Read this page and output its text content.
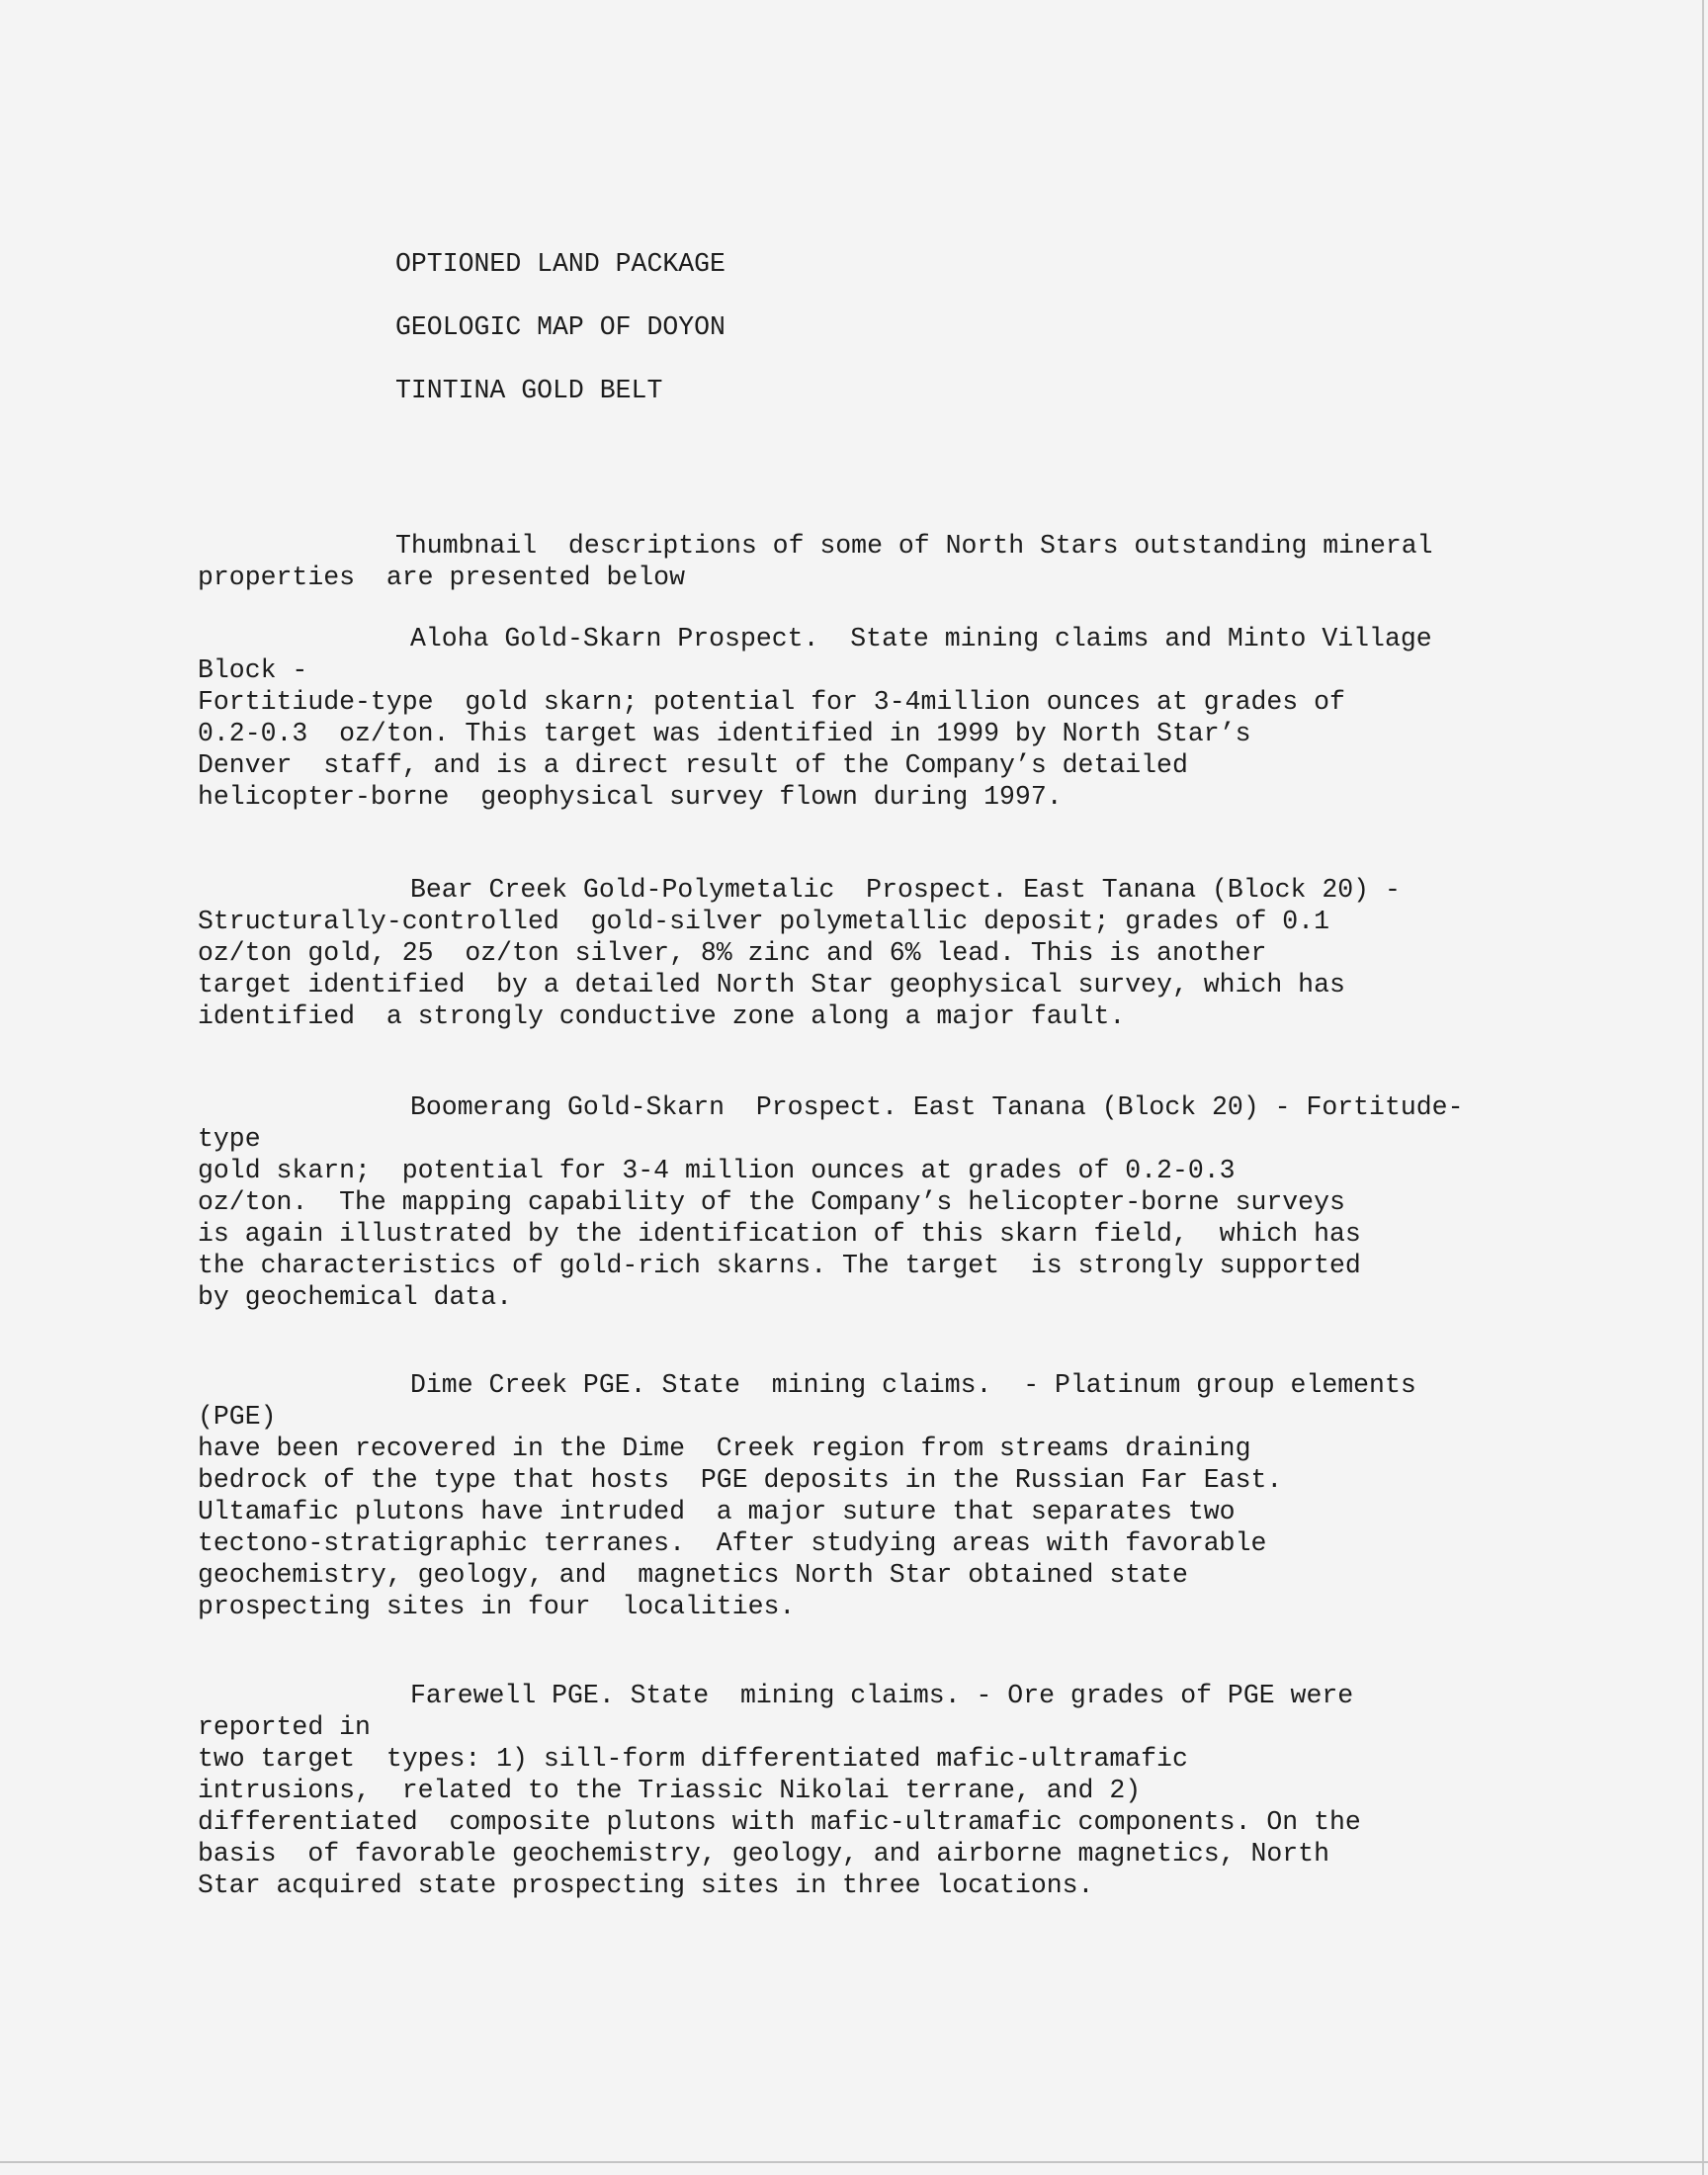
OPTIONED LAND PACKAGE
GEOLOGIC MAP OF DOYON
TINTINA GOLD BELT

Thumbnail  descriptions of some of North Stars outstanding mineral

properties  are presented below

Aloha Gold-Skarn Prospect.  State mining claims and Minto Village

Block -

Fortitiude-type  gold skarn; potential for 3-4million ounces at grades of

0.2-0.3  oz/ton. This target was identified in 1999 by North Star’s

Denver  staff, and is a direct result of the Company’s detailed

helicopter-borne  geophysical survey flown during 1997.

Bear Creek Gold-Polymetalic  Prospect. East Tanana (Block 20) -

Structurally-controlled  gold-silver polymetallic deposit; grades of 0.1

oz/ton gold, 25  oz/ton silver, 8% zinc and 6% lead. This is another

target identified  by a detailed North Star geophysical survey, which has

identified  a strongly conductive zone along a major fault.

Boomerang Gold-Skarn  Prospect. East Tanana (Block 20) - Fortitude-

type

gold skarn;  potential for 3-4 million ounces at grades of 0.2-0.3

oz/ton.  The mapping capability of the Company’s helicopter-borne surveys

is again illustrated by the identification of this skarn field,  which has

the characteristics of gold-rich skarns. The target  is strongly supported

by geochemical data.

Dime Creek PGE. State  mining claims.  - Platinum group elements

(PGE)

have been recovered in the Dime  Creek region from streams draining

bedrock of the type that hosts  PGE deposits in the Russian Far East.

Ultamafic plutons have intruded  a major suture that separates two

tectono-stratigraphic terranes.  After studying areas with favorable

geochemistry, geology, and  magnetics North Star obtained state

prospecting sites in four  localities.

Farewell PGE. State  mining claims. - Ore grades of PGE were

reported in

two target  types: 1) sill-form differentiated mafic-ultramafic

intrusions,  related to the Triassic Nikolai terrane, and 2)

differentiated  composite plutons with mafic-ultramafic components. On the

basis  of favorable geochemistry, geology, and airborne magnetics, North

Star acquired state prospecting sites in three locations.
